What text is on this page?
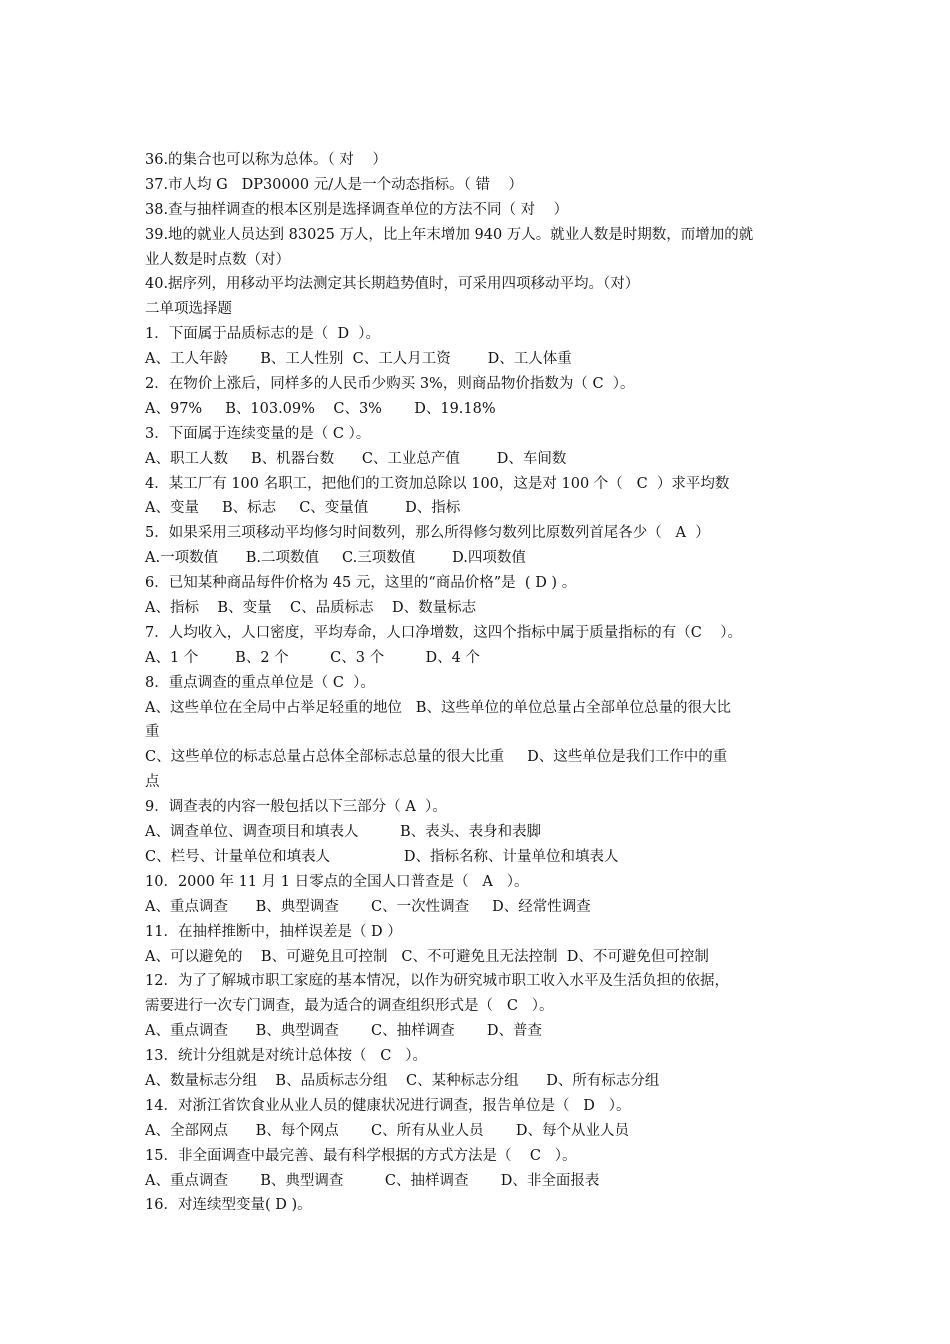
36.的集合也可以称为总体。（ 对    ）
37.市人均 G   DP30000 元/人是一个动态指标。（ 错    ）
38.查与抽样调查的根本区别是选择调查单位的方法不同（ 对    ）
39.地的就业人员达到 83025 万人，比上年末增加 940 万人。就业人数是时期数，而增加的就
业人数是时点数（对）
40.据序列，用移动平均法测定其长期趋势值时，可采用四项移动平均。（对）
二单项选择题
1．下面属于品质标志的是（  D  ）。
A、工人年龄       B、工人性别  C、工人月工资        D、工人体重
2．在物价上涨后，同样多的人民币少购买 3%，则商品物价指数为（ C  ）。
A、97%     B、103.09%    C、3%       D、19.18%
3．下面属于连续变量的是（ C ）。
A、职工人数     B、机器台数      C、工业总产值        D、车间数
4．某工厂有 100 名职工，把他们的工资加总除以 100，这是对 100 个（   C  ）求平均数
A、变量     B、标志     C、变量值        D、指标
5．如果采用三项移动平均修匀时间数列，那么所得修匀数列比原数列首尾各少（   A  ）
A.一项数值      B.二项数值     C.三项数值        D.四项数值
6．已知某种商品每件价格为 45 元，这里的“商品价格”是  ( D ) 。
A、指标    B、变量    C、品质标志    D、数量标志
7．人均收入，人口密度，平均寿命，人口净增数，这四个指标中属于质量指标的有（C    ）。
A、1 个        B、2 个         C、3 个         D、4 个
8．重点调查的重点单位是（ C  ）。
A、这些单位在全局中占举足轻重的地位   B、这些单位的单位总量占全部单位总量的很大比
重
C、这些单位的标志总量占总体全部标志总量的很大比重     D、这些单位是我们工作中的重
点
9．调查表的内容一般包括以下三部分（ A  ）。
A、调查单位、调查项目和填表人         B、表头、表身和表脚
C、栏号、计量单位和填表人                D、指标名称、计量单位和填表人
10．2000 年 11 月 1 日零点的全国人口普查是（   A   ）。
A、重点调查      B、典型调查       C、一次性调查     D、经常性调查
11．在抽样推断中，抽样误差是（ D ）
A、可以避免的    B、可避免且可控制   C、不可避免且无法控制  D、不可避免但可控制
12．为了了解城市职工家庭的基本情况，以作为研究城市职工收入水平及生活负担的依据，
需要进行一次专门调查，最为适合的调查组织形式是（   C   ）。
A、重点调查      B、典型调查       C、抽样调查       D、普查
13．统计分组就是对统计总体按（   C   ）。
A、数量标志分组    B、品质标志分组    C、某种标志分组      D、所有标志分组
14．对浙江省饮食业从业人员的健康状况进行调查，报告单位是（   D   ）。
A、全部网点      B、每个网点       C、所有从业人员       D、每个从业人员
15．非全面调查中最完善、最有科学根据的方式方法是（    C   ）。
A、重点调查       B、典型调查         C、抽样调查       D、非全面报表
16．对连续型变量( D )。
